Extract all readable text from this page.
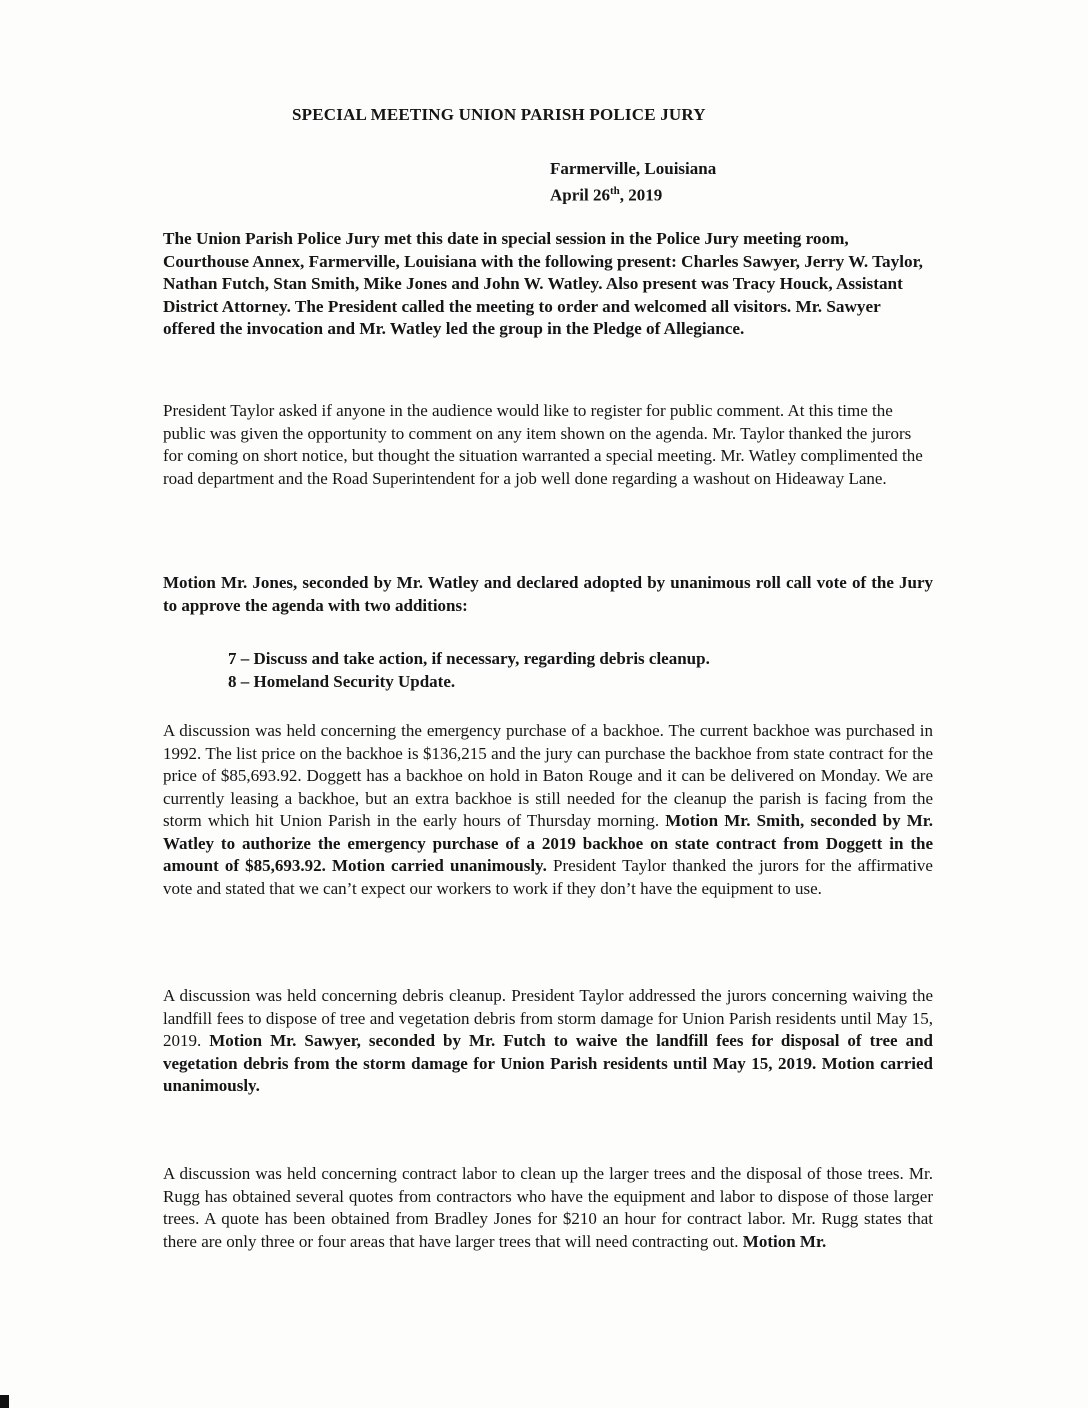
SPECIAL MEETING UNION PARISH POLICE JURY
Farmerville, Louisiana
April 26th, 2019

The Union Parish Police Jury met this date in special session in the Police Jury meeting room, Courthouse Annex, Farmerville, Louisiana with the following present: Charles Sawyer, Jerry W. Taylor, Nathan Futch, Stan Smith, Mike Jones and John W. Watley. Also present was Tracy Houck, Assistant District Attorney. The President called the meeting to order and welcomed all visitors. Mr. Sawyer offered the invocation and Mr. Watley led the group in the Pledge of Allegiance.

President Taylor asked if anyone in the audience would like to register for public comment. At this time the public was given the opportunity to comment on any item shown on the agenda. Mr. Taylor thanked the jurors for coming on short notice, but thought the situation warranted a special meeting. Mr. Watley complimented the road department and the Road Superintendent for a job well done regarding a washout on Hideaway Lane.

Motion Mr. Jones, seconded by Mr. Watley and declared adopted by unanimous roll call vote of the Jury to approve the agenda with two additions:

7 – Discuss and take action, if necessary, regarding debris cleanup.
8 – Homeland Security Update.

A discussion was held concerning the emergency purchase of a backhoe. The current backhoe was purchased in 1992. The list price on the backhoe is $136,215 and the jury can purchase the backhoe from state contract for the price of $85,693.92. Doggett has a backhoe on hold in Baton Rouge and it can be delivered on Monday. We are currently leasing a backhoe, but an extra backhoe is still needed for the cleanup the parish is facing from the storm which hit Union Parish in the early hours of Thursday morning. Motion Mr. Smith, seconded by Mr. Watley to authorize the emergency purchase of a 2019 backhoe on state contract from Doggett in the amount of $85,693.92. Motion carried unanimously. President Taylor thanked the jurors for the affirmative vote and stated that we can’t expect our workers to work if they don’t have the equipment to use.

A discussion was held concerning debris cleanup. President Taylor addressed the jurors concerning waiving the landfill fees to dispose of tree and vegetation debris from storm damage for Union Parish residents until May 15, 2019. Motion Mr. Sawyer, seconded by Mr. Futch to waive the landfill fees for disposal of tree and vegetation debris from the storm damage for Union Parish residents until May 15, 2019. Motion carried unanimously.

A discussion was held concerning contract labor to clean up the larger trees and the disposal of those trees. Mr. Rugg has obtained several quotes from contractors who have the equipment and labor to dispose of those larger trees. A quote has been obtained from Bradley Jones for $210 an hour for contract labor. Mr. Rugg states that there are only three or four areas that have larger trees that will need contracting out. Motion Mr.
